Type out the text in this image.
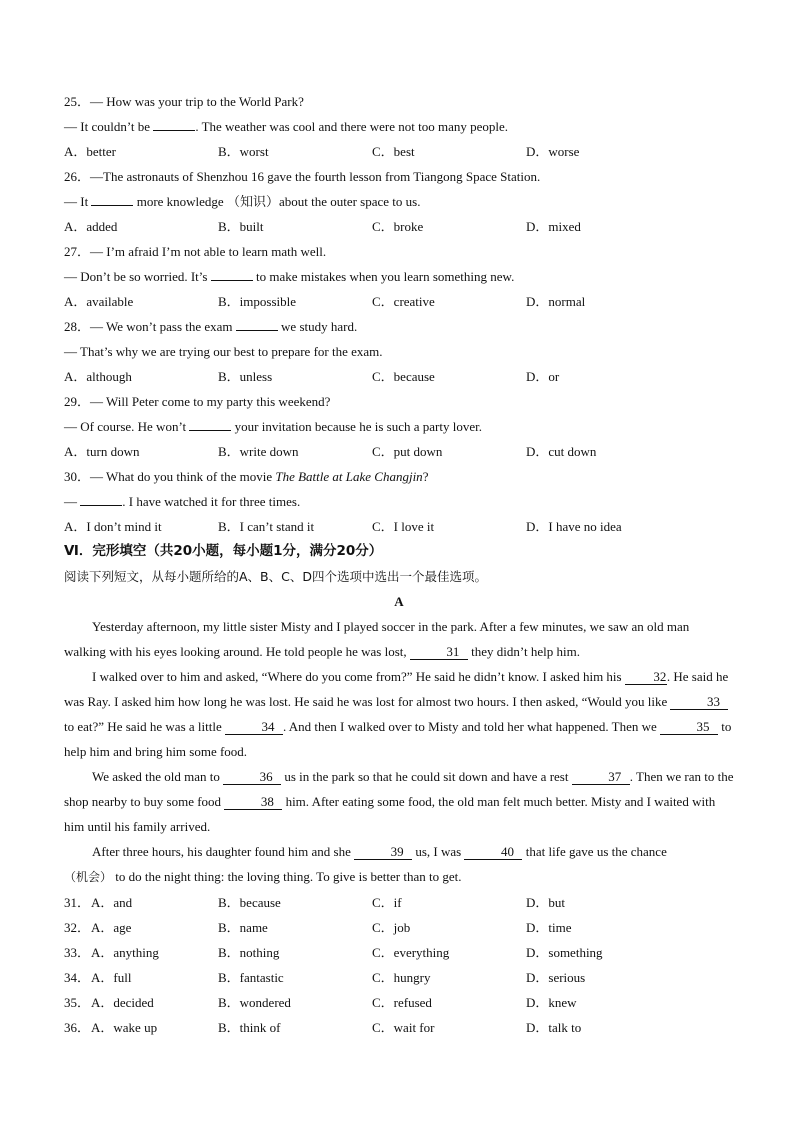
25．— How was your trip to the World Park?
— It couldn’t be	. The weather was cool and there were not too many people.
A．better	B．worst	C．best	D．worse
26．—The astronauts of Shenzhou 16 gave the fourth lesson from Tiangong Space Station.
— It	more knowledge （知识）about the outer space to us.
A．added	B．built	C．broke	D．mixed
27．— I’m afraid I’m not able to learn math well.
— Don’t be so worried. It’s	to make mistakes when you learn something new.
A．available	B．impossible	C．creative	D．normal
28．— We won’t pass the exam	we study hard.
— That’s why we are trying our best to prepare for the exam.
A．although	B．unless	C．because	D．or
29．— Will Peter come to my party this weekend?
— Of course. He won’t	your invitation because he is such a party lover.
A．turn down	B．write down	C．put down	D．cut down
30．— What do you think of the movie The Battle at Lake Changjin?
—	. I have watched it for three times.
A．I don’t mind it	B．I can’t stand it	C．I love it	D．I have no idea
Ⅵ．完形填空（共20小题，每小题1分，满分20分）
阅读下列短文，从每小题所给的A、B、C、D四个选项中选出一个最佳选项。
A

Yesterday afternoon, my little sister Misty and I played soccer in the park. After a few minutes, we saw an old man walking with his eyes looking around. He told people he was lost,	31 they didn’t help him.

I walked over to him and asked, “Where do you come from?” He said he didn’t know. I asked him his 32. He said he was Ray. I asked him how long he was lost. He said he was lost for almost two hours. I then asked, “Would you like	33 to eat?” He said he was a little	34 . And then I walked over to Misty and told her what happened. Then we	35 to help him and bring him some food.

We asked the old man to	36 us in the park so that he could sit down and have a rest	37 . Then we ran to the shop nearby to buy some food	38 him. After eating some food, the old man felt much better. Misty and I waited with him until his family arrived.

After three hours, his daughter found him and she	39 us, I was	40 that life gave us the chance
（机会） to do the night thing: the loving thing. To give is better than to get.

31．A．and	B．because	C．if	D．but
32．A．age	B．name	C．job	D．time
33．A．anything	B．nothing	C．everything	D．something
34．A．full	B．fantastic	C．hungry	D．serious
35．A．decided	B．wondered	C．refused	D．knew
36．A．wake up	B．think of	C．wait for	D．talk to
